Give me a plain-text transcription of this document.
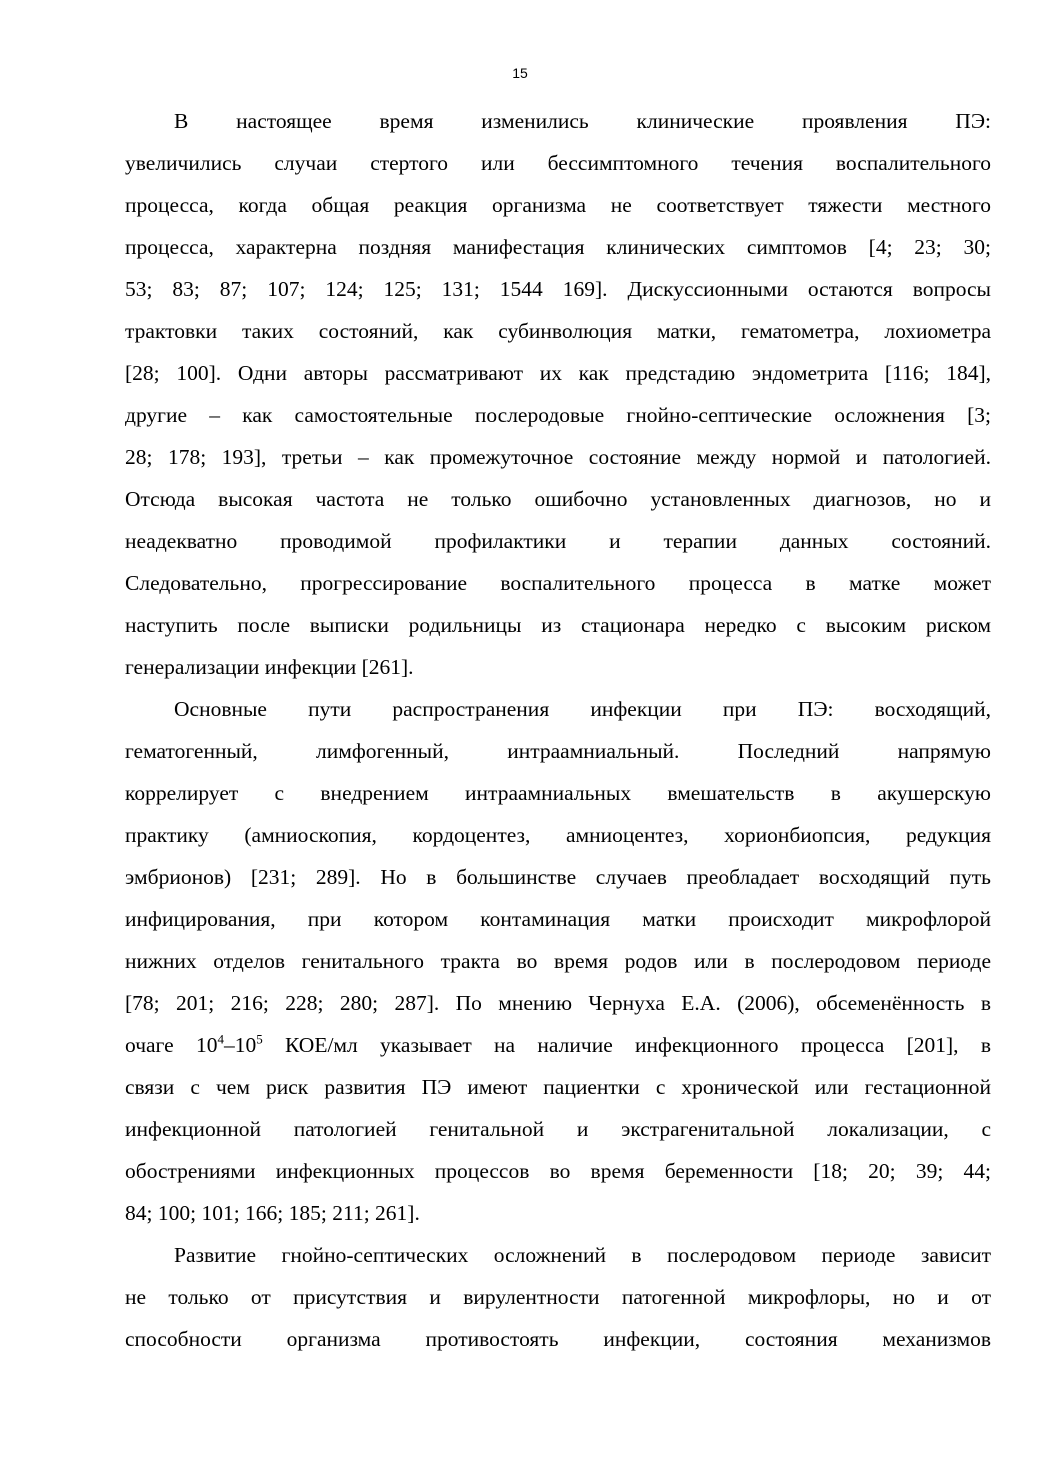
15
В настоящее время изменились клинические проявления ПЭ:
увеличились случаи стертого или бессимптомного течения воспалительного
процесса, когда общая реакция организма не соответствует тяжести местного
процесса, характерна поздняя манифестация клинических симптомов [4; 23; 30;
53; 83; 87; 107; 124; 125; 131; 1544 169]. Дискуссионными остаются вопросы
трактовки таких состояний, как субинволюция матки, гематометра, лохиометра
[28; 100]. Одни авторы рассматривают их как предстадию эндометрита [116; 184],
другие – как самостоятельные послеродовые гнойно-септические осложнения [3;
28; 178; 193], третьи – как промежуточное состояние между нормой и патологией.
Отсюда высокая частота не только ошибочно установленных диагнозов, но и
неадекватно проводимой профилактики и терапии данных состояний.
Следовательно, прогрессирование воспалительного процесса в матке может
наступить после выписки родильницы из стационара нередко с высоким риском
генерализации инфекции [261].
Основные пути распространения инфекции при ПЭ: восходящий,
гематогенный, лимфогенный, интраамниальный. Последний напрямую
коррелирует с внедрением интраамниальных вмешательств в акушерскую
практику (амниоскопия, кордоцентез, амниоцентез, хорионбиопсия, редукция
эмбрионов) [231; 289]. Но в большинстве случаев преобладает восходящий путь
инфицирования, при котором контаминация матки происходит микрофлорой
нижних отделов генитального тракта во время родов или в послеродовом периоде
[78; 201; 216; 228; 280; 287]. По мнению Чернуха Е.А. (2006), обсеменённость в
очаге $10^4-10^5$ КОЕ/мл указывает на наличие инфекционного процесса [201], в
связи с чем риск развития ПЭ имеют пациентки с хронической или гестационной
инфекционной патологией генитальной и экстрагенитальной локализации, с
обострениями инфекционных процессов во время беременности [18; 20; 39; 44;
84; 100; 101; 166; 185; 211; 261].
Развитие гнойно-септических осложнений в послеродовом периоде зависит
не только от присутствия и вирулентности патогенной микрофлоры, но и от
способности организма противостоять инфекции, состояния механизмов
